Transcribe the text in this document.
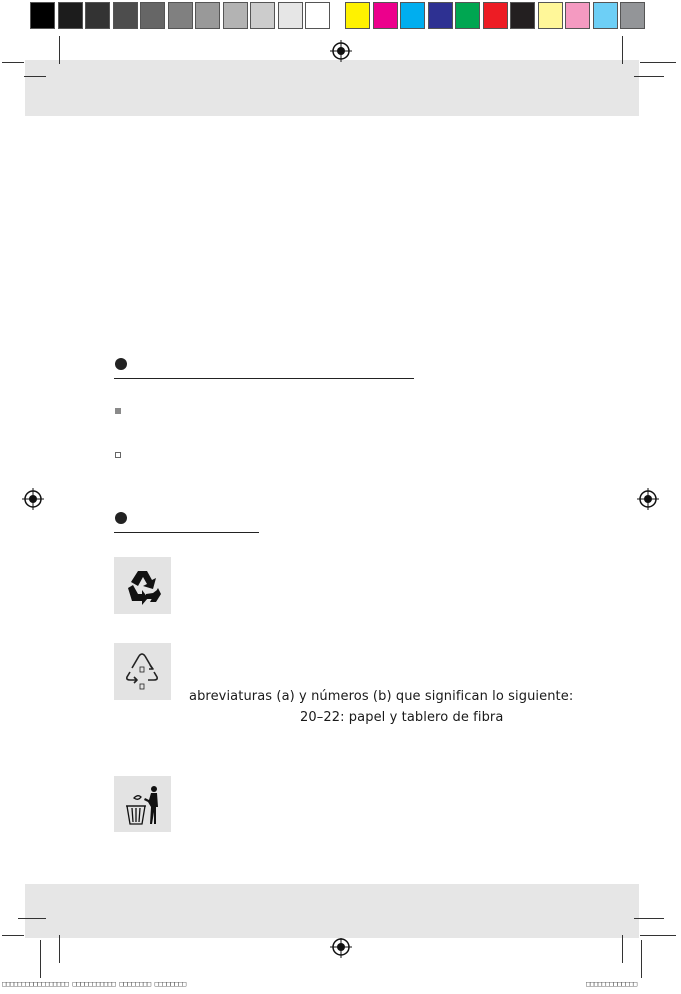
abreviaturas (a) y números (b) que significan lo siguiente:
20–22: papel y tablero de fibra
□□□□□□□□□□□□□□□□□ □□□□□□□□□□□ □□□□□□□□ □□□□□□□□	□□□□□□□□□□□□□
